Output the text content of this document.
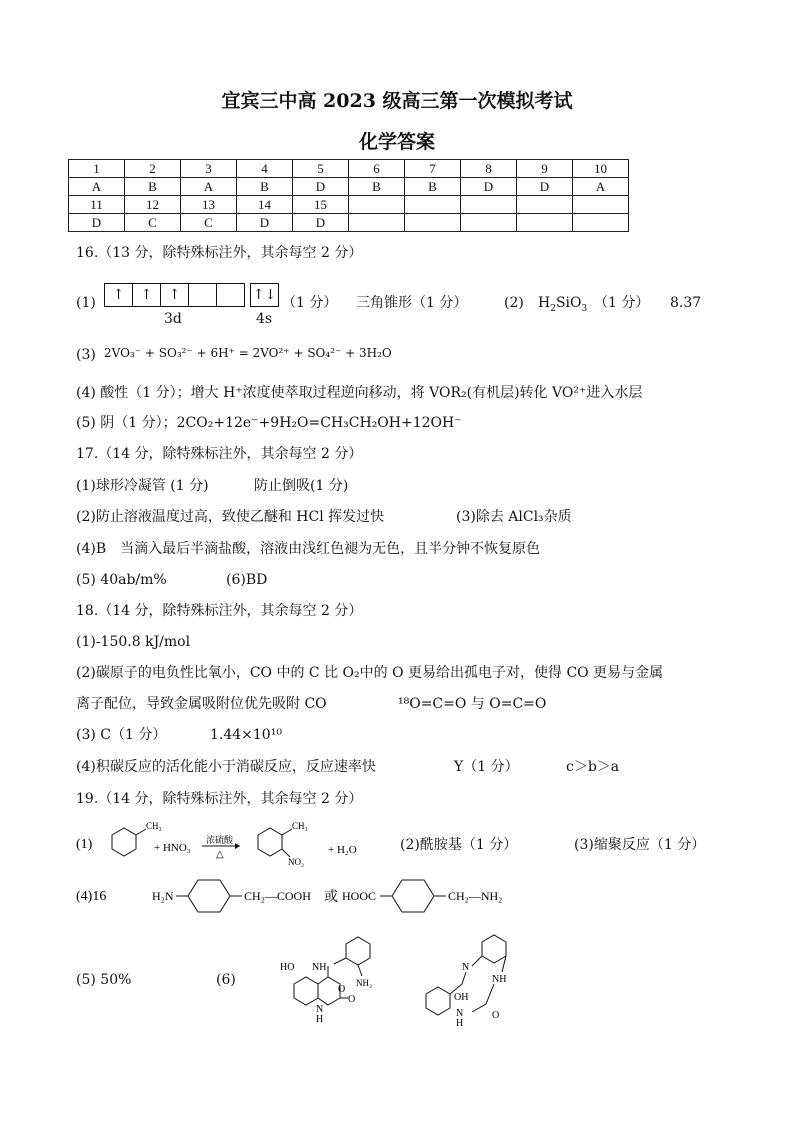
宜宾三中高 2023 级高三第一次模拟考试
化学答案
1	2	3	4	5	6	7	8	9	10
A	B	A	B	D	B	B	D	D	A
11	12	13	14	15					
D	C	C	D	D					
16.（13 分，除特殊标注外，其余每空 2 分）
(1)	↑	↑	↑	↑↓
3d	4s
（1 分） 三角锥形（1 分）	(2) $H_2SiO_3$ （1 分） 8.37
(3) 2VO₃⁻ + SO₃²⁻ + 6H⁺ = 2VO²⁺ + SO₄²⁻ + 3H₂O
(4) 酸性（1 分）；增大 H⁺浓度使萃取过程逆向移动，将 VOR₂(有机层)转化 VO²⁺进入水层
(5) 阴（1 分）；2CO₂+12e⁻+9H₂O=CH₃CH₂OH+12OH⁻
17.（14 分，除特殊标注外，其余每空 2 分）
(1)球形冷凝管 (1 分)	防止倒吸(1 分)
(2)防止溶液温度过高，致使乙醚和 HCl 挥发过快	(3)除去 AlCl₃杂质
(4)B　当滴入最后半滴盐酸，溶液由浅红色褪为无色，且半分钟不恢复原色
(5) 40ab/m%	(6)BD
18.（14 分，除特殊标注外，其余每空 2 分）
(1)-150.8 kJ/mol
(2)碳原子的电负性比氧小，CO 中的 C 比 O₂中的 O 更易给出孤电子对，使得 CO 更易与金属
离子配位，导致金属吸附位优先吸附 CO	¹⁸O=C=O 与 O=C=O
(3) C（1 分）	1.44×10¹⁰
(4)积碳反应的活化能小于消碳反应，反应速率快	Y（1 分）	c＞b＞a
19.（14 分，除特殊标注外，其余每空 2 分）
(1)
CH₃
+ HNO₃
浓硫酸
△
CH₃
NO₂
+ H₂O	(2)酰胺基（1 分）	(3)缩聚反应（1 分）
(4)16	H₂N	CH₂—COOH 或 HOOC	CH₂—NH₂
(5) 50%	(6)
HO NH
NH₂
O
H
N
O
N
NH
OH
H
N	O
